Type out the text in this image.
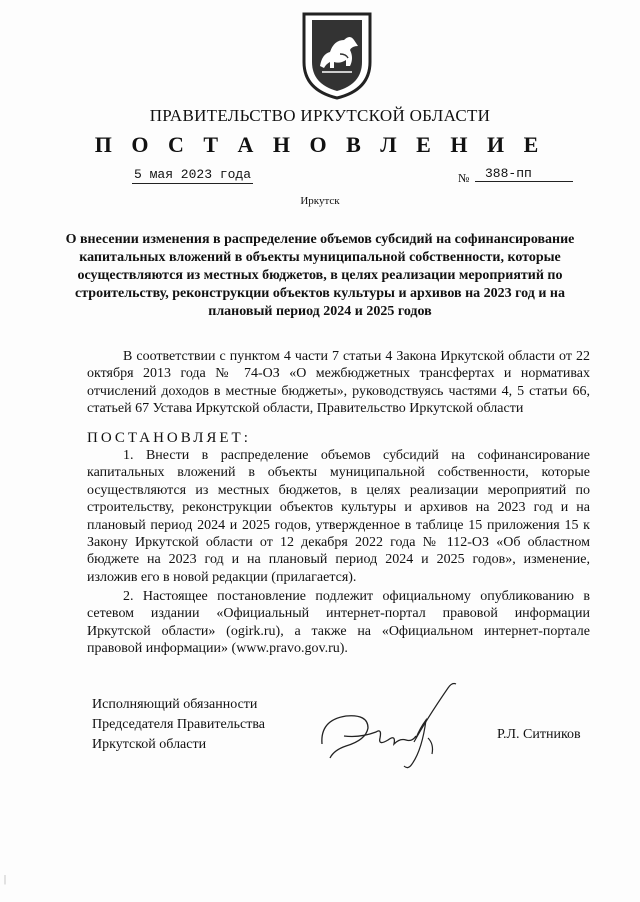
ПРАВИТЕЛЬСТВО ИРКУТСКОЙ ОБЛАСТИ
П О С Т А Н О В Л Е Н И Е
5 мая 2023 года	№	388-пп
Иркутск
О внесении изменения в распределение объемов субсидий на софинансирование капитальных вложений в объекты муниципальной собственности, которые осуществляются из местных бюджетов, в целях реализации мероприятий по строительству, реконструкции объектов культуры и архивов на 2023 год и на плановый период 2024 и 2025 годов
В соответствии с пунктом 4 части 7 статьи 4 Закона Иркутской области от 22 октября 2013 года № 74-ОЗ «О межбюджетных трансфертах и нормативах отчислений доходов в местные бюджеты», руководствуясь частями 4, 5 статьи 66, статьей 67 Устава Иркутской области, Правительство Иркутской области
ПОСТАНОВЛЯЕТ:
1. Внести в распределение объемов субсидий на софинансирование капитальных вложений в объекты муниципальной собственности, которые осуществляются из местных бюджетов, в целях реализации мероприятий по строительству, реконструкции объектов культуры и архивов на 2023 год и на плановый период 2024 и 2025 годов, утвержденное в таблице 15 приложения 15 к Закону Иркутской области от 12 декабря 2022 года № 112-ОЗ «Об областном бюджете на 2023 год и на плановый период 2024 и 2025 годов», изменение, изложив его в новой редакции (прилагается).
2. Настоящее постановление подлежит официальному опубликованию в сетевом издании «Официальный интернет-портал правовой информации Иркутской области» (ogirk.ru), а также на «Официальном интернет-портале правовой информации» (www.pravo.gov.ru).
Исполняющий обязанности
Председателя Правительства
Иркутской области
Р.Л. Ситников
|
